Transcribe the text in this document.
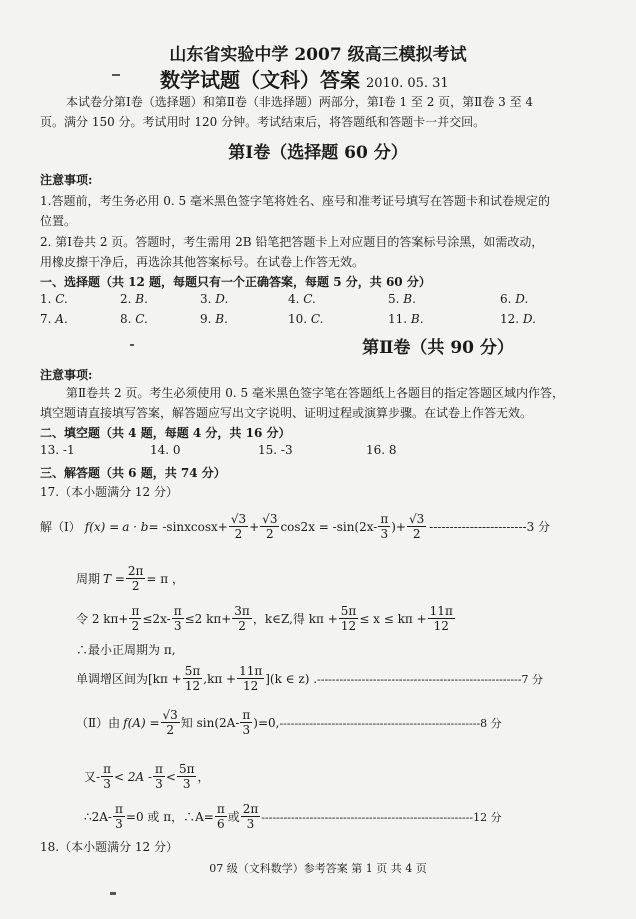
山东省实验中学 2007 级高三模拟考试
数学试题（文科）答案 2010. 05. 31
本试卷分第Ⅰ卷（选择题）和第Ⅱ卷（非选择题）两部分，第Ⅰ卷 1 至 2 页，第Ⅱ卷 3 至 4
页。满分 150 分。考试用时 120 分钟。考试结束后，将答题纸和答题卡一并交回。
第Ⅰ卷（选择题 60 分）
注意事项:
1.答题前，考生务必用 0. 5 毫米黑色签字笔将姓名、座号和准考证号填写在答题卡和试卷规定的
位置。
2. 第Ⅰ卷共 2 页。答题时，考生需用 2B 铅笔把答题卡上对应题目的答案标号涂黑，如需改动，
用橡皮擦干净后，再选涂其他答案标号。在试卷上作答无效。
一、选择题（共 12 题，每题只有一个正确答案，每题 5 分，共 60 分）
1. C.	2. B.	3. D.	4. C.	5. B.	6. D.
7. A.	8. C.	9. B.	10. C.	11. B.	12. D.
第Ⅱ卷（共 90 分）
注意事项:
第Ⅱ卷共 2 页。考生必须使用 0. 5 毫米黑色签字笔在答题纸上各题目的指定答题区域内作答，
填空题请直接填写答案，解答题应写出文字说明、证明过程或演算步骤。在试卷上作答无效。
二、填空题（共 4 题，每题 4 分，共 16 分）
13. -1	14. 0	15. -3	16. 8
三、解答题（共 6 题，共 74 分）
17.（本小题满分 12 分）
解（Ⅰ） f(x) = a · b = -sinxcosx+ $\frac{√3}{2} + \frac{√3}{2} \cos 2x = -\sin(2x- \frac{\pi}{3}$ )+ $\frac{√3}{2} ------------------------3$ 分
周期 $T = \frac{2\pi}{2} = \pi$ ，
令 2 $k\pi+ \frac{\pi}{2} \le 2x- \frac{\pi}{3} \le 2$ $k\pi+ \frac{3\pi}{2}$ ，k∈Z,得 $k\pi + \frac{5\pi}{12} \le x \le k\pi + \frac{11\pi}{12}$
∴最小正周期为 π,
单调增区间为$[k\pi + \frac{5\pi}{12} ,k\pi + \frac{11\pi}{12} ](k$ ∈ z) . -------------------------------------------------------7 分
（Ⅱ）由 $f(A) = \frac{√3}{2}$ 知 $\sin(2A- \frac{\pi}{3} )=0$, ------------------------------------------------------8 分
又- $\frac{\pi}{3} < 2A - \frac{\pi}{3} < \frac{5\pi}{3}$ ，
∴2A- $\frac{\pi}{3} =0$ 或 π，∴A= $\frac{\pi}{6}$ 或 $\frac{2\pi}{3} ---------------------------------------------------------12$ 分
18.（本小题满分 12 分）
07 级（文科数学）参考答案 第 1 页 共 4 页
